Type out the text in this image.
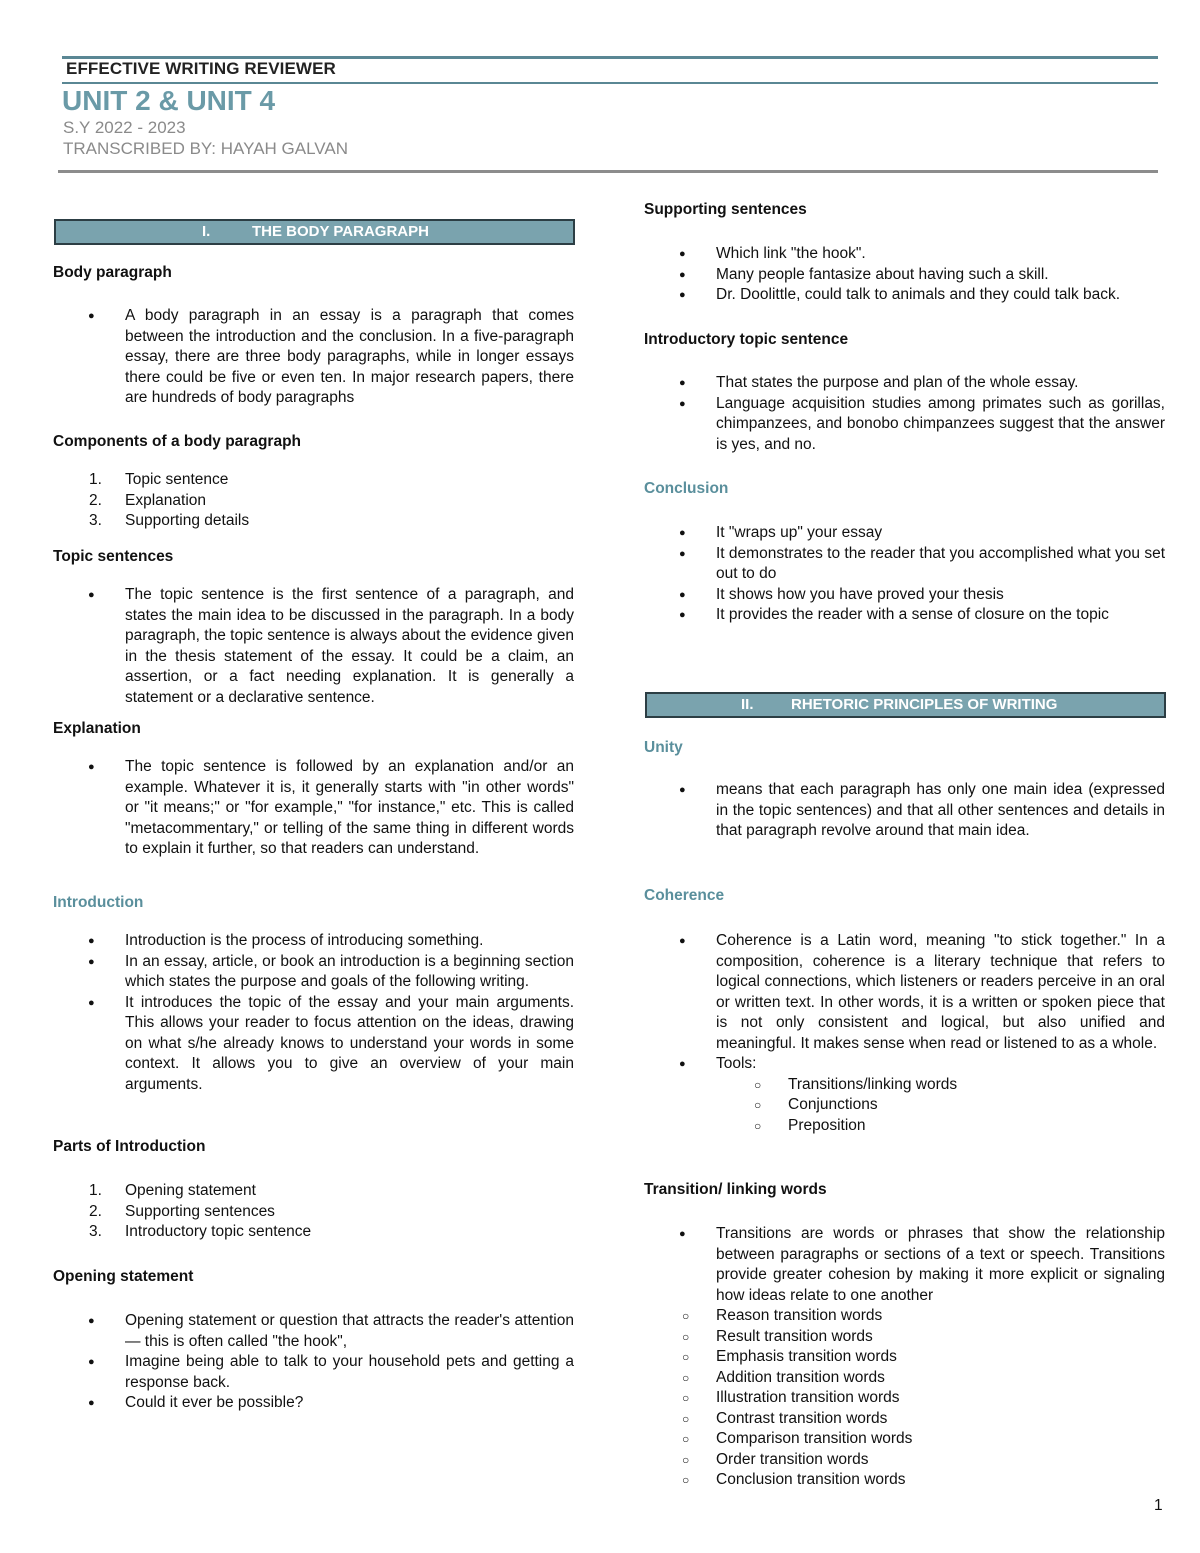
EFFECTIVE WRITING REVIEWER
UNIT 2 & UNIT 4
S.Y 2022 - 2023
TRANSCRIBED BY: HAYAH GALVAN
I.	THE BODY PARAGRAPH
Body paragraph
● A body paragraph in an essay is a paragraph that comes between the introduction and the conclusion. In a five-paragraph essay, there are three body paragraphs, while in longer essays there could be five or even ten. In major research papers, there are hundreds of body paragraphs
Components of a body paragraph
1. Topic sentence
2. Explanation
3. Supporting details
Topic sentences
● The topic sentence is the first sentence of a paragraph, and states the main idea to be discussed in the paragraph. In a body paragraph, the topic sentence is always about the evidence given in the thesis statement of the essay. It could be a claim, an assertion, or a fact needing explanation. It is generally a statement or a declarative sentence.
Explanation
● The topic sentence is followed by an explanation and/or an example. Whatever it is, it generally starts with "in other words" or "it means;" or "for example," "for instance," etc. This is called "metacommentary," or telling of the same thing in different words to explain it further, so that readers can understand.
Introduction
● Introduction is the process of introducing something.
● In an essay, article, or book an introduction is a beginning section which states the purpose and goals of the following writing.
● It introduces the topic of the essay and your main arguments. This allows your reader to focus attention on the ideas, drawing on what s/he already knows to understand your words in some context. It allows you to give an overview of your main arguments.
Parts of Introduction
1. Opening statement
2. Supporting sentences
3. Introductory topic sentence
Opening statement
● Opening statement or question that attracts the reader's attention — this is often called "the hook",
● Imagine being able to talk to your household pets and getting a response back.
● Could it ever be possible?
Supporting sentences
● Which link "the hook".
● Many people fantasize about having such a skill.
● Dr. Doolittle, could talk to animals and they could talk back.
Introductory topic sentence
● That states the purpose and plan of the whole essay.
● Language acquisition studies among primates such as gorillas, chimpanzees, and bonobo chimpanzees suggest that the answer is yes, and no.
Conclusion
● It "wraps up" your essay
● It demonstrates to the reader that you accomplished what you set out to do
● It shows how you have proved your thesis
● It provides the reader with a sense of closure on the topic
II. RHETORIC PRINCIPLES OF WRITING
Unity
● means that each paragraph has only one main idea (expressed in the topic sentences) and that all other sentences and details in that paragraph revolve around that main idea.
Coherence
● Coherence is a Latin word, meaning "to stick together." In a composition, coherence is a literary technique that refers to logical connections, which listeners or readers perceive in an oral or written text. In other words, it is a written or spoken piece that is not only consistent and logical, but also unified and meaningful. It makes sense when read or listened to as a whole.
● Tools:
○ Transitions/linking words
○ Conjunctions
○ Preposition
Transition/ linking words
● Transitions are words or phrases that show the relationship between paragraphs or sections of a text or speech. Transitions provide greater cohesion by making it more explicit or signaling how ideas relate to one another
○ Reason transition words
○ Result transition words
○ Emphasis transition words
○ Addition transition words
○ Illustration transition words
○ Contrast transition words
○ Comparison transition words
○ Order transition words
○ Conclusion transition words
1
